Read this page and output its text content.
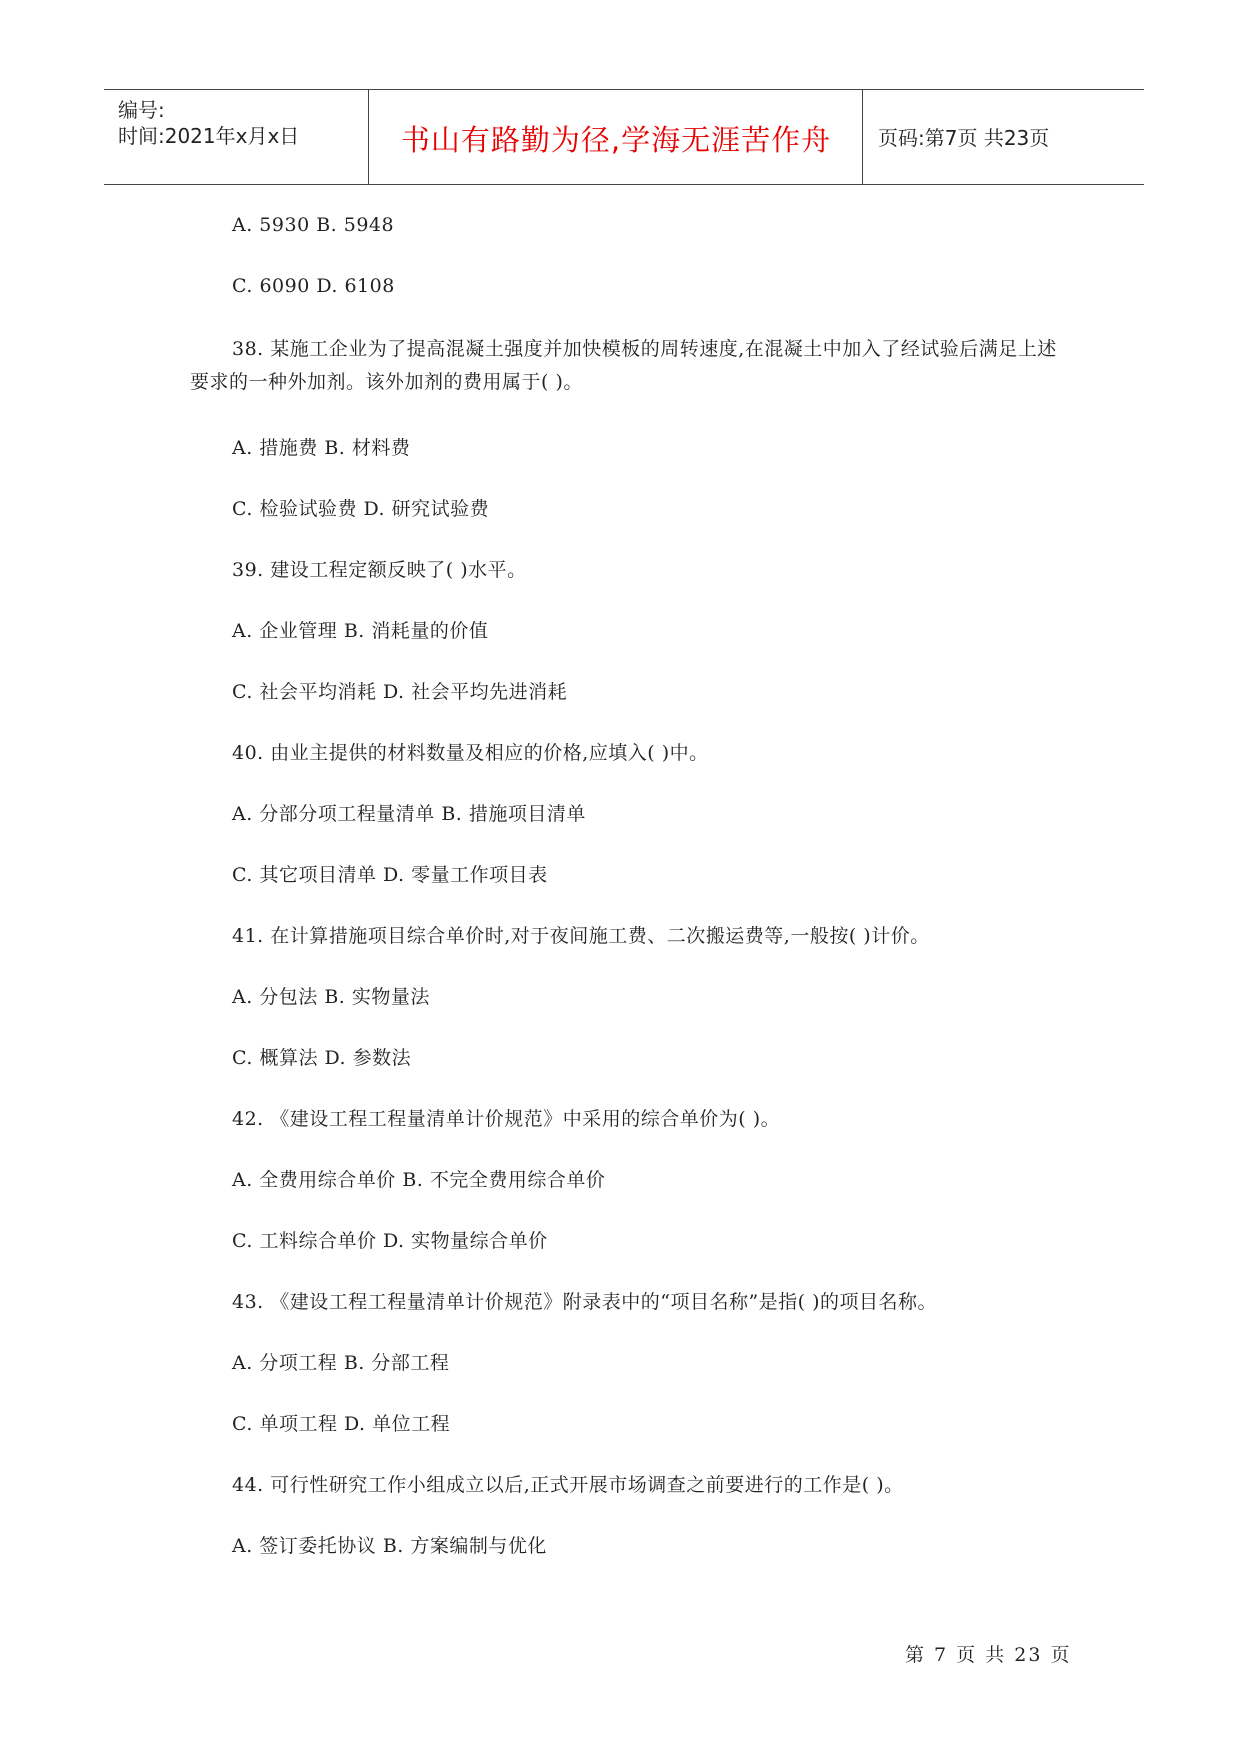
编号:
时间:2021年x月x日	书山有路勤为径,学海无涯苦作舟	页码:第7页 共23页
A. 5930 B. 5948
C. 6090 D. 6108
38. 某施工企业为了提高混凝土强度并加快模板的周转速度,在混凝土中加入了经试验后满足上述要求的一种外加剂。该外加剂的费用属于( )。
A. 措施费 B. 材料费
C. 检验试验费 D. 研究试验费
39. 建设工程定额反映了( )水平。
A. 企业管理 B. 消耗量的价值
C. 社会平均消耗 D. 社会平均先进消耗
40. 由业主提供的材料数量及相应的价格,应填入( )中。
A. 分部分项工程量清单 B. 措施项目清单
C. 其它项目清单 D. 零量工作项目表
41. 在计算措施项目综合单价时,对于夜间施工费、二次搬运费等,一般按( )计价。
A. 分包法 B. 实物量法
C. 概算法 D. 参数法
42. 《建设工程工程量清单计价规范》中采用的综合单价为( )。
A. 全费用综合单价 B. 不完全费用综合单价
C. 工料综合单价 D. 实物量综合单价
43. 《建设工程工程量清单计价规范》附录表中的“项目名称”是指( )的项目名称。
A. 分项工程 B. 分部工程
C. 单项工程 D. 单位工程
44. 可行性研究工作小组成立以后,正式开展市场调查之前要进行的工作是( )。
A. 签订委托协议 B. 方案编制与优化
第 7 页 共 23 页
